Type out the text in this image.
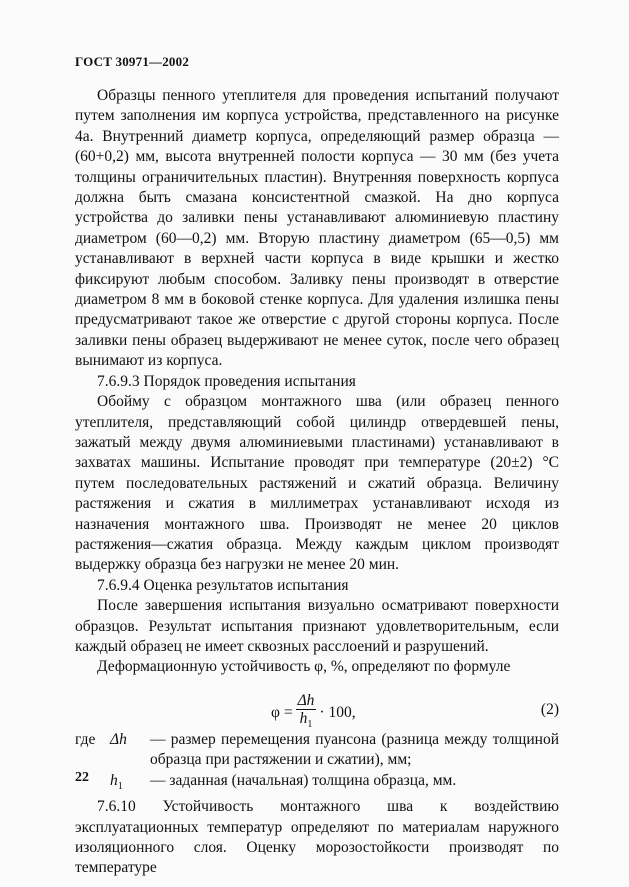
ГОСТ 30971—2002

Образцы пенного утеплителя для проведения испытаний получают путем заполнения им корпуса устройства, представленного на рисунке 4а. Внутренний диаметр корпуса, определяющий размер образца — (60+0,2) мм, высота внутренней полости корпуса — 30 мм (без учета толщины ограничительных пластин). Внутренняя поверхность корпуса должна быть смазана консистентной смазкой. На дно корпуса устройства до заливки пены устанавливают алюминиевую пластину диаметром (60—0,2) мм. Вторую пластину диаметром (65—0,5) мм устанавливают в верхней части корпуса в виде крышки и жестко фиксируют любым способом. Заливку пены производят в отверстие диаметром 8 мм в боковой стенке корпуса. Для удаления излишка пены предусматривают такое же отверстие с другой стороны корпуса. После заливки пены образец выдерживают не менее суток, после чего образец вынимают из корпуса.

7.6.9.3 Порядок проведения испытания

Обойму с образцом монтажного шва (или образец пенного утеплителя, представляющий собой цилиндр отвердевшей пены, зажатый между двумя алюминиевыми пластинами) устанавливают в захватах машины. Испытание проводят при температуре (20±2) °С путем последовательных растяжений и сжатий образца. Величину растяжения и сжатия в миллиметрах устанавливают исходя из назначения монтажного шва. Производят не менее 20 циклов растяжения—сжатия образца. Между каждым циклом производят выдержку образца без нагрузки не менее 20 мин.

7.6.9.4 Оценка результатов испытания

После завершения испытания визуально осматривают поверхности образцов. Результат испытания признают удовлетворительным, если каждый образец не имеет сквозных расслоений и разрушений.

Деформационную устойчивость φ, %, определяют по формуле

$\varphi = \frac{\Delta h}{h_1} \cdot 100$,	(2)
где Δh	— размер перемещения пуансона (разница между толщиной образца при растяжении и сжатии), мм;
$h_1$	— заданная (начальная) толщина образца, мм.

7.6.10 Устойчивость монтажного шва к воздействию эксплуатационных температур определяют по материалам наружного изоляционного слоя. Оценку морозостойкости производят по температуре

22
